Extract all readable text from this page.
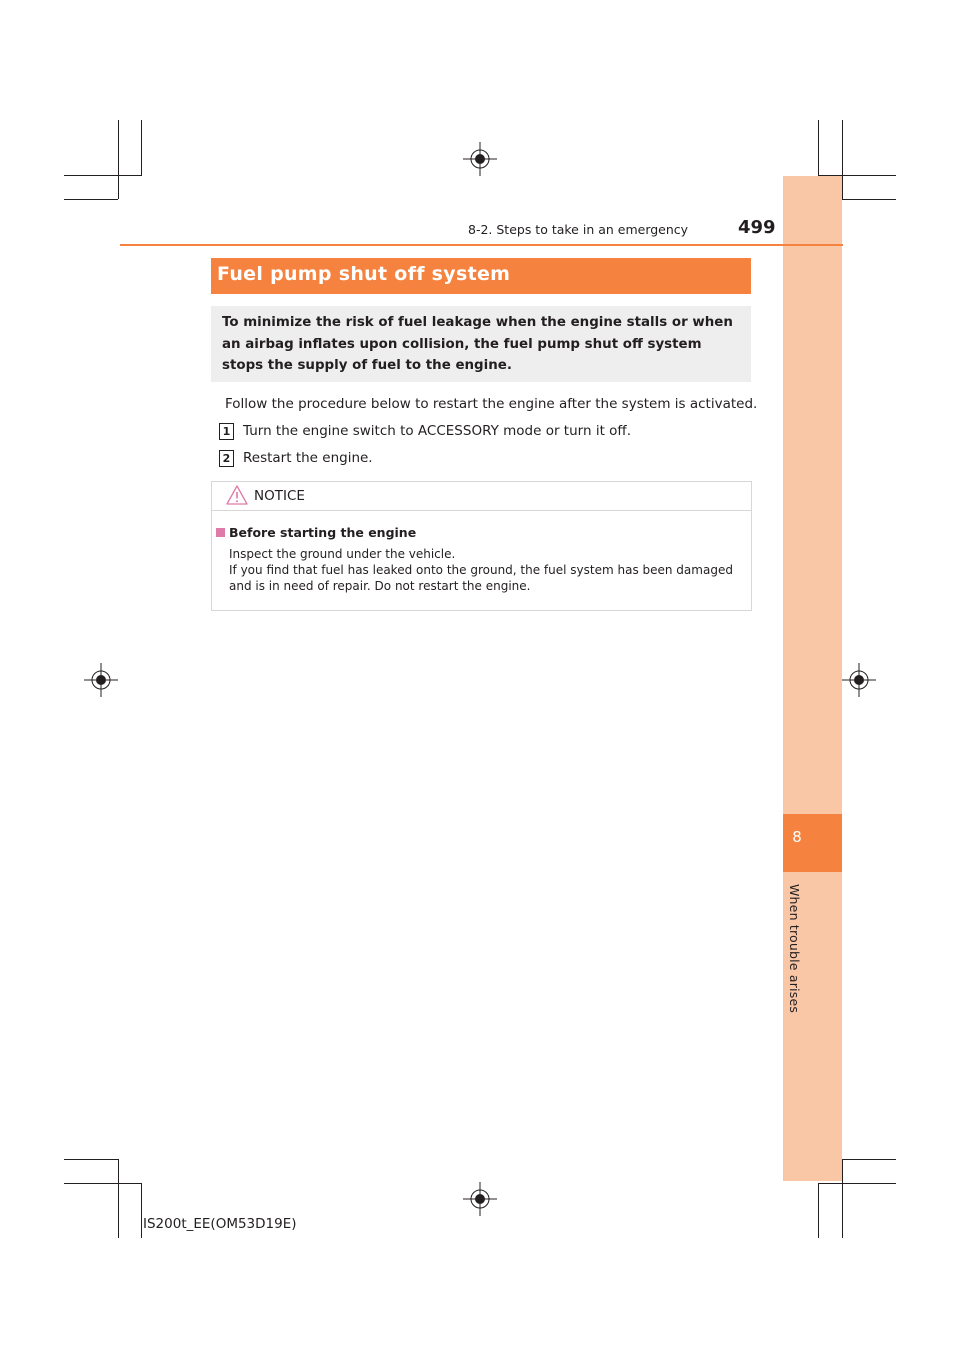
8
When trouble arises
8-2. Steps to take in an emergency	499
Fuel pump shut off system
To minimize the risk of fuel leakage when the engine stalls or when an airbag inflates upon collision, the fuel pump shut off system stops the supply of fuel to the engine.
Follow the procedure below to restart the engine after the system is activated.
1 Turn the engine switch to ACCESSORY mode or turn it off.
2 Restart the engine.
NOTICE
Before starting the engine
Inspect the ground under the vehicle.
If you find that fuel has leaked onto the ground, the fuel system has been damaged and is in need of repair. Do not restart the engine.
IS200t_EE(OM53D19E)
